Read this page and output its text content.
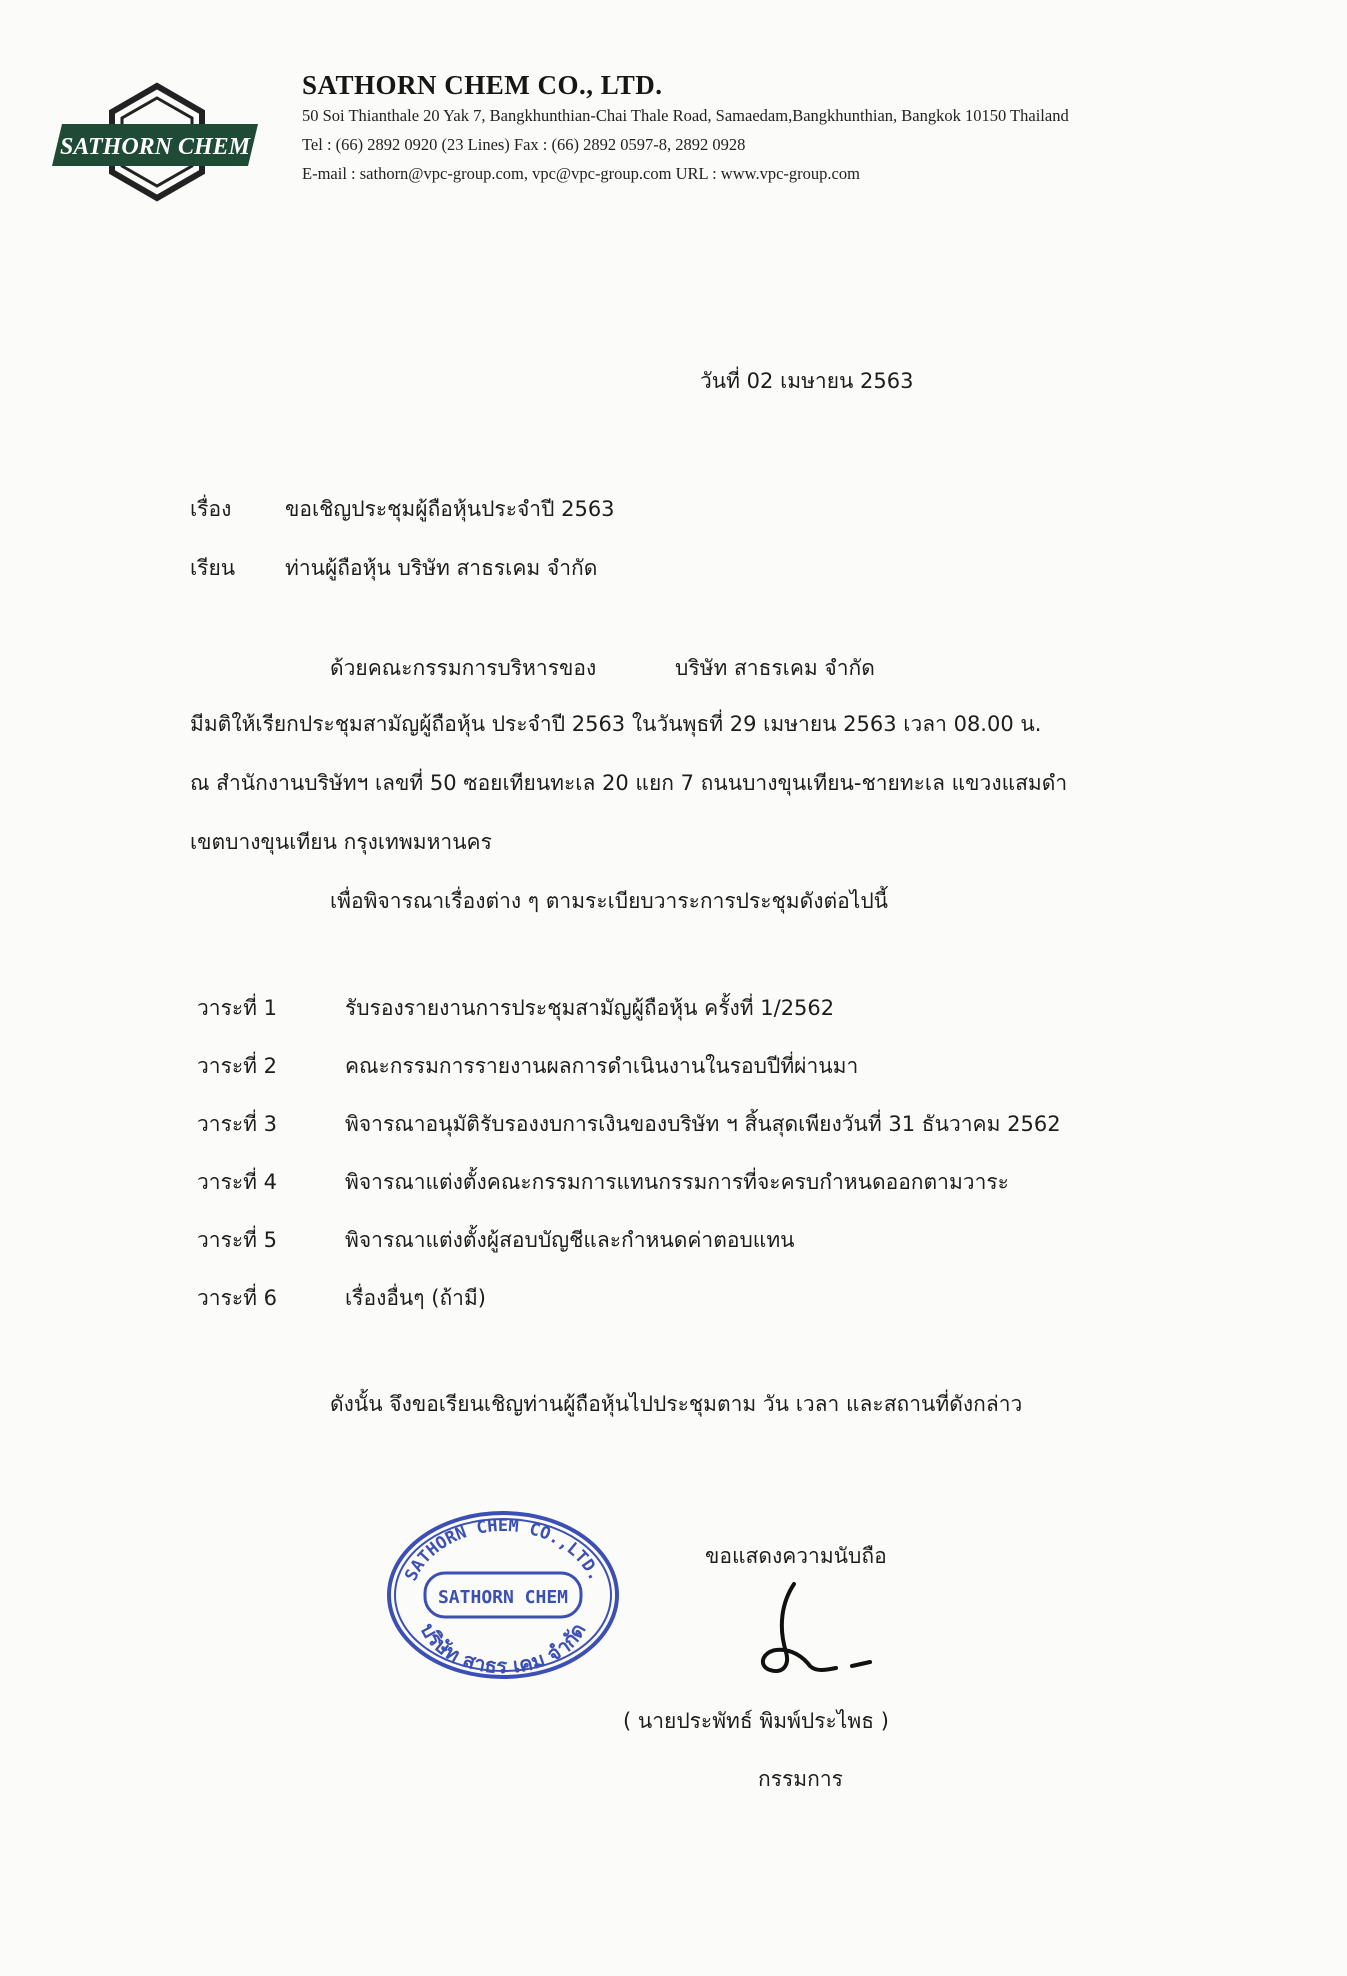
SATHORN CHEM
SATHORN CHEM CO., LTD.
50 Soi Thianthale 20 Yak 7, Bangkhunthian-Chai Thale Road, Samaedam,Bangkhunthian, Bangkok 10150 Thailand
Tel : (66) 2892 0920 (23 Lines) Fax : (66) 2892 0597-8, 2892 0928
E-mail : sathorn@vpc-group.com, vpc@vpc-group.com URL : www.vpc-group.com
วันที่ 02 เมษายน 2563
เรื่อง	ขอเชิญประชุมผู้ถือหุ้นประจำปี 2563
เรียน ท่านผู้ถือหุ้น บริษัท สาธรเคม จำกัด
ด้วยคณะกรรมการบริหารของ	บริษัท สาธรเคม จำกัด
มีมติให้เรียกประชุมสามัญผู้ถือหุ้น ประจำปี 2563 ในวันพุธที่ 29 เมษายน 2563 เวลา 08.00 น.
ณ สำนักงานบริษัทฯ เลขที่ 50 ซอยเทียนทะเล 20 แยก 7 ถนนบางขุนเทียน-ชายทะเล แขวงแสมดำ
เขตบางขุนเทียน กรุงเทพมหานคร
เพื่อพิจารณาเรื่องต่าง ๆ ตามระเบียบวาระการประชุมดังต่อไปนี้
วาระที่ 1	รับรองรายงานการประชุมสามัญผู้ถือหุ้น ครั้งที่ 1/2562
วาระที่ 2	คณะกรรมการรายงานผลการดำเนินงานในรอบปีที่ผ่านมา
วาระที่ 3	พิจารณาอนุมัติรับรองงบการเงินของบริษัท ฯ สิ้นสุดเพียงวันที่ 31 ธันวาคม 2562
วาระที่ 4	พิจารณาแต่งตั้งคณะกรรมการแทนกรรมการที่จะครบกำหนดออกตามวาระ
วาระที่ 5	พิจารณาแต่งตั้งผู้สอบบัญชีและกำหนดค่าตอบแทน
วาระที่ 6	เรื่องอื่นๆ (ถ้ามี)
ดังนั้น จึงขอเรียนเชิญท่านผู้ถือหุ้นไปประชุมตาม วัน เวลา และสถานที่ดังกล่าว
ขอแสดงความนับถือ
SATHORN CHEM
SATHORN CHEM CO.,LTD.
บริษัท สาธร เคม จำกัด
( นายประพัทธ์ พิมพ์ประไพธ )
กรรมการ
